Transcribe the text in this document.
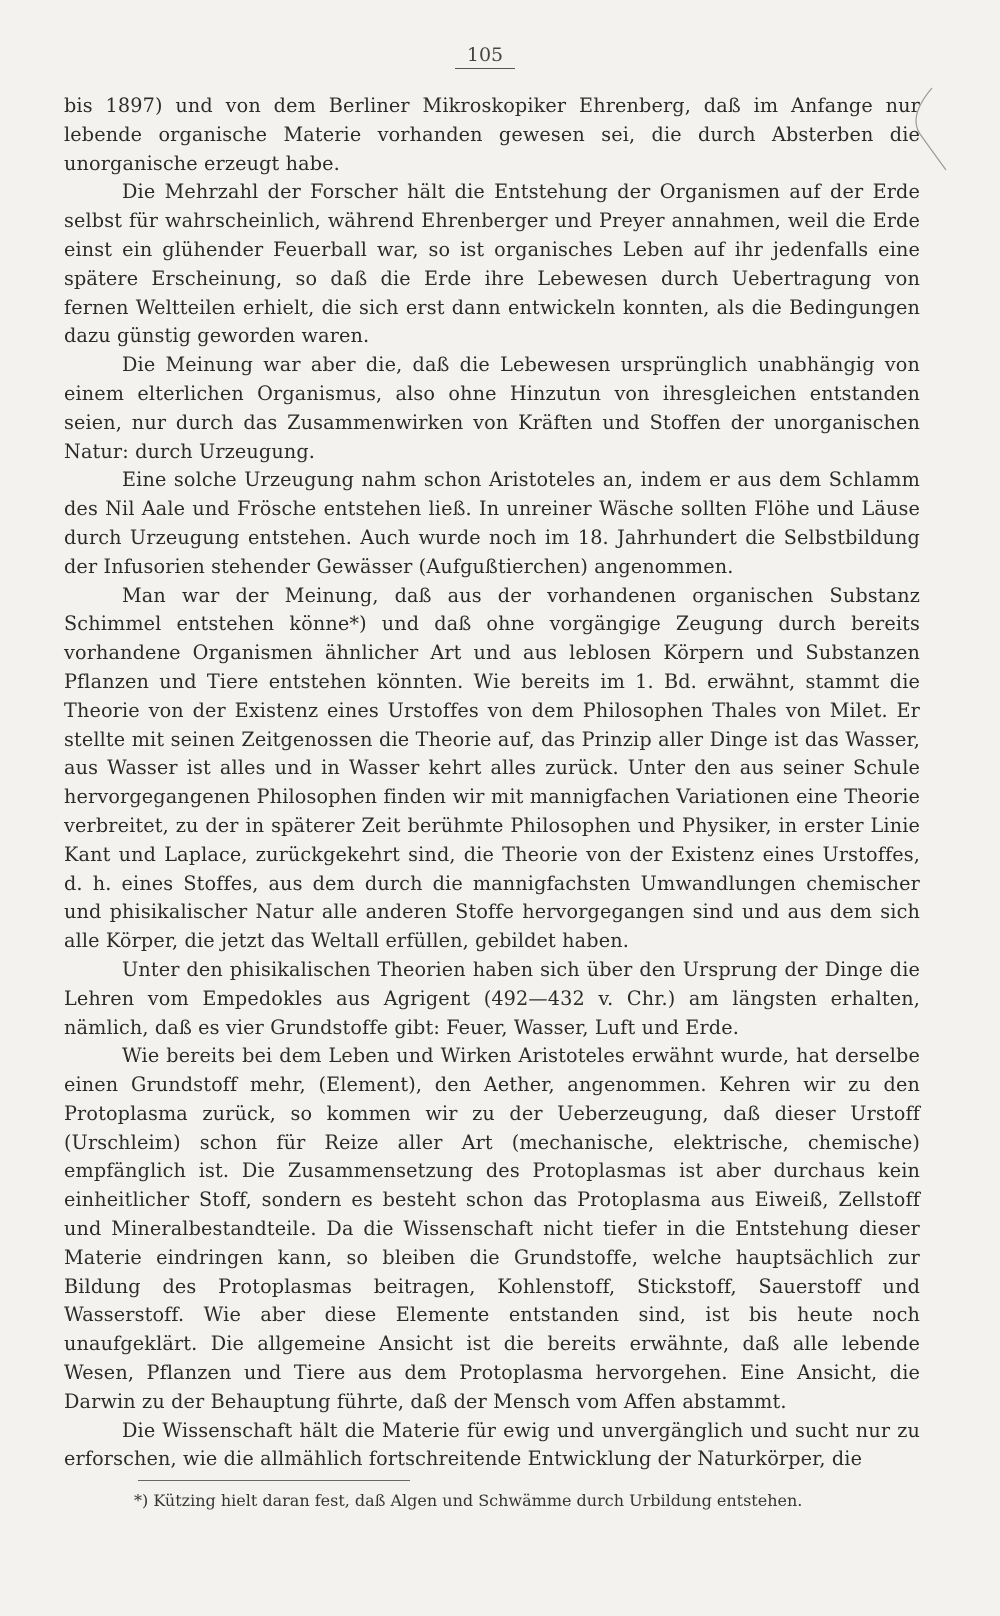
105

bis 1897) und von dem Berliner Mikroskopiker Ehrenberg, daß im Anfange nur lebende organische Materie vorhanden gewesen sei, die durch Absterben die unorganische erzeugt habe.

Die Mehrzahl der Forscher hält die Entstehung der Organismen auf der Erde selbst für wahrscheinlich, während Ehrenberger und Preyer annahmen, weil die Erde einst ein glühender Feuerball war, so ist organisches Leben auf ihr jedenfalls eine spätere Erscheinung, so daß die Erde ihre Lebewesen durch Uebertragung von fernen Weltteilen erhielt, die sich erst dann entwickeln konnten, als die Bedingungen dazu günstig geworden waren.

Die Meinung war aber die, daß die Lebewesen ursprünglich unabhängig von einem elterlichen Organismus, also ohne Hinzutun von ihresgleichen entstanden seien, nur durch das Zusammenwirken von Kräften und Stoffen der unorganischen Natur: durch Urzeugung.

Eine solche Urzeugung nahm schon Aristoteles an, indem er aus dem Schlamm des Nil Aale und Frösche entstehen ließ. In unreiner Wäsche sollten Flöhe und Läuse durch Urzeugung entstehen. Auch wurde noch im 18. Jahrhundert die Selbstbildung der Infusorien stehender Gewässer (Aufgußtierchen) angenommen.

Man war der Meinung, daß aus der vorhandenen organischen Substanz Schimmel entstehen könne*) und daß ohne vorgängige Zeugung durch bereits vorhandene Organismen ähnlicher Art und aus leblosen Körpern und Substanzen Pflanzen und Tiere entstehen könnten. Wie bereits im 1. Bd. erwähnt, stammt die Theorie von der Existenz eines Urstoffes von dem Philosophen Thales von Milet. Er stellte mit seinen Zeitgenossen die Theorie auf, das Prinzip aller Dinge ist das Wasser, aus Wasser ist alles und in Wasser kehrt alles zurück. Unter den aus seiner Schule hervorgegangenen Philosophen finden wir mit mannigfachen Variationen eine Theorie verbreitet, zu der in späterer Zeit berühmte Philosophen und Physiker, in erster Linie Kant und Laplace, zurückgekehrt sind, die Theorie von der Existenz eines Urstoffes, d. h. eines Stoffes, aus dem durch die mannigfachsten Umwandlungen chemischer und phisikalischer Natur alle anderen Stoffe hervorgegangen sind und aus dem sich alle Körper, die jetzt das Weltall erfüllen, gebildet haben.

Unter den phisikalischen Theorien haben sich über den Ursprung der Dinge die Lehren vom Empedokles aus Agrigent (492—432 v. Chr.) am längsten erhalten, nämlich, daß es vier Grundstoffe gibt: Feuer, Wasser, Luft und Erde.

Wie bereits bei dem Leben und Wirken Aristoteles erwähnt wurde, hat derselbe einen Grundstoff mehr, (Element), den Aether, angenommen. Kehren wir zu den Protoplasma zurück, so kommen wir zu der Ueberzeugung, daß dieser Urstoff (Urschleim) schon für Reize aller Art (mechanische, elektrische, chemische) empfänglich ist. Die Zusammensetzung des Protoplasmas ist aber durchaus kein einheitlicher Stoff, sondern es besteht schon das Protoplasma aus Eiweiß, Zellstoff und Mineralbestandteile. Da die Wissenschaft nicht tiefer in die Entstehung dieser Materie eindringen kann, so bleiben die Grundstoffe, welche hauptsächlich zur Bildung des Protoplasmas beitragen, Kohlenstoff, Stickstoff, Sauerstoff und Wasserstoff. Wie aber diese Elemente entstanden sind, ist bis heute noch unaufgeklärt. Die allgemeine Ansicht ist die bereits erwähnte, daß alle lebende Wesen, Pflanzen und Tiere aus dem Protoplasma hervorgehen. Eine Ansicht, die Darwin zu der Behauptung führte, daß der Mensch vom Affen abstammt.

Die Wissenschaft hält die Materie für ewig und unvergänglich und sucht nur zu erforschen, wie die allmählich fortschreitende Entwicklung der Naturkörper, die

*) Kützing hielt daran fest, daß Algen und Schwämme durch Urbildung entstehen.
